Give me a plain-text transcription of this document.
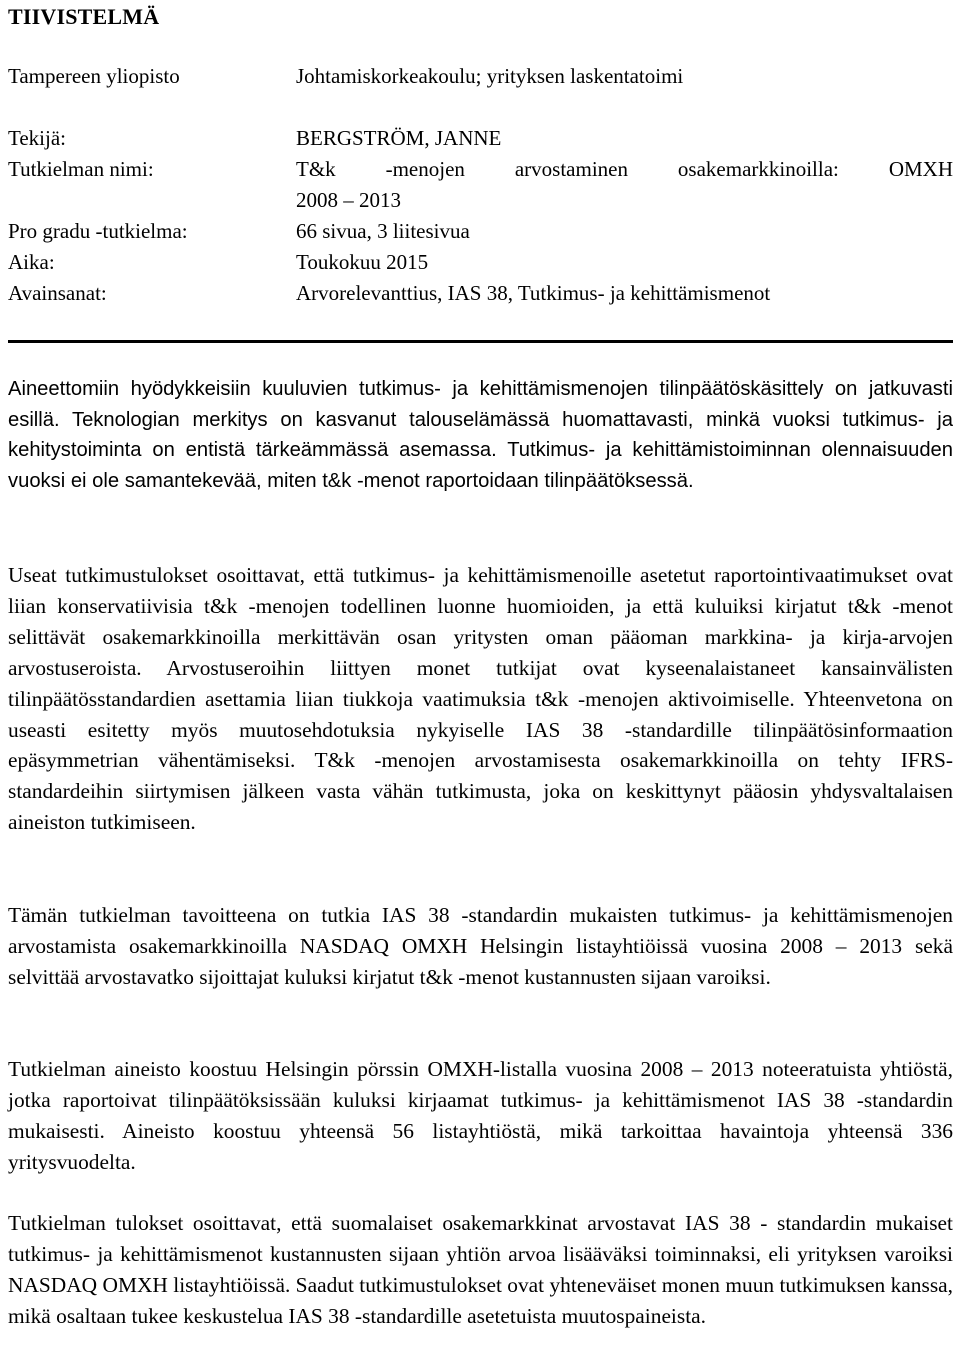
TIIVISTELMÄ
Tampereen yliopisto	Johtamiskorkeakoulu; yrityksen laskentatoimi
Tekijä:	BERGSTRÖM, JANNE
Tutkielman nimi:	T&k -menojen arvostaminen osakemarkkinoilla: OMXH
2008 – 2013
Pro gradu -tutkielma:	66 sivua, 3 liitesivua
Aika:	Toukokuu 2015
Avainsanat:	Arvorelevanttius, IAS 38, Tutkimus- ja kehittämismenot

Aineettomiin hyödykkeisiin kuuluvien tutkimus- ja kehittämismenojen tilinpäätöskäsittely on jatkuvasti esillä. Teknologian merkitys on kasvanut talouselämässä huomattavasti, minkä vuoksi tutkimus- ja kehitystoiminta on entistä tärkeämmässä asemassa. Tutkimus- ja kehittämistoiminnan olennaisuuden vuoksi ei ole samantekevää, miten t&k -menot raportoidaan tilinpäätöksessä.

Useat tutkimustulokset osoittavat, että tutkimus- ja kehittämismenoille asetetut raportointivaatimukset ovat liian konservatiivisia t&k -menojen todellinen luonne huomioiden, ja että kuluiksi kirjatut t&k -menot selittävät osakemarkkinoilla merkittävän osan yritysten oman pääoman markkina- ja kirja-arvojen arvostuseroista. Arvostuseroihin liittyen monet tutkijat ovat kyseenalaistaneet kansainvälisten tilinpäätösstandardien asettamia liian tiukkoja vaatimuksia t&k -menojen aktivoimiselle. Yhteenvetona on useasti esitetty myös muutosehdotuksia nykyiselle IAS 38 -standardille tilinpäätösinformaation epäsymmetrian vähentämiseksi. T&k -menojen arvostamisesta osakemarkkinoilla on tehty IFRS-standardeihin siirtymisen jälkeen vasta vähän tutkimusta, joka on keskittynyt pääosin yhdysvaltalaisen aineiston tutkimiseen.

Tämän tutkielman tavoitteena on tutkia IAS 38 -standardin mukaisten tutkimus- ja kehittämismenojen arvostamista osakemarkkinoilla NASDAQ OMXH Helsingin listayhtiöissä vuosina 2008 – 2013 sekä selvittää arvostavatko sijoittajat kuluksi kirjatut t&k -menot kustannusten sijaan varoiksi.

Tutkielman aineisto koostuu Helsingin pörssin OMXH-listalla vuosina 2008 – 2013 noteeratuista yhtiöstä, jotka raportoivat tilinpäätöksissään kuluksi kirjaamat tutkimus- ja kehittämismenot IAS 38 -standardin mukaisesti. Aineisto koostuu yhteensä 56 listayhtiöstä, mikä tarkoittaa havaintoja yhteensä 336 yritysvuodelta.

Tutkielman tulokset osoittavat, että suomalaiset osakemarkkinat arvostavat IAS 38 - standardin mukaiset tutkimus- ja kehittämismenot kustannusten sijaan yhtiön arvoa lisääväksi toiminnaksi, eli yrityksen varoiksi NASDAQ OMXH listayhtiöissä. Saadut tutkimustulokset ovat yhteneväiset monen muun tutkimuksen kanssa, mikä osaltaan tukee keskustelua IAS 38 -standardille asetetuista muutospaineista.
